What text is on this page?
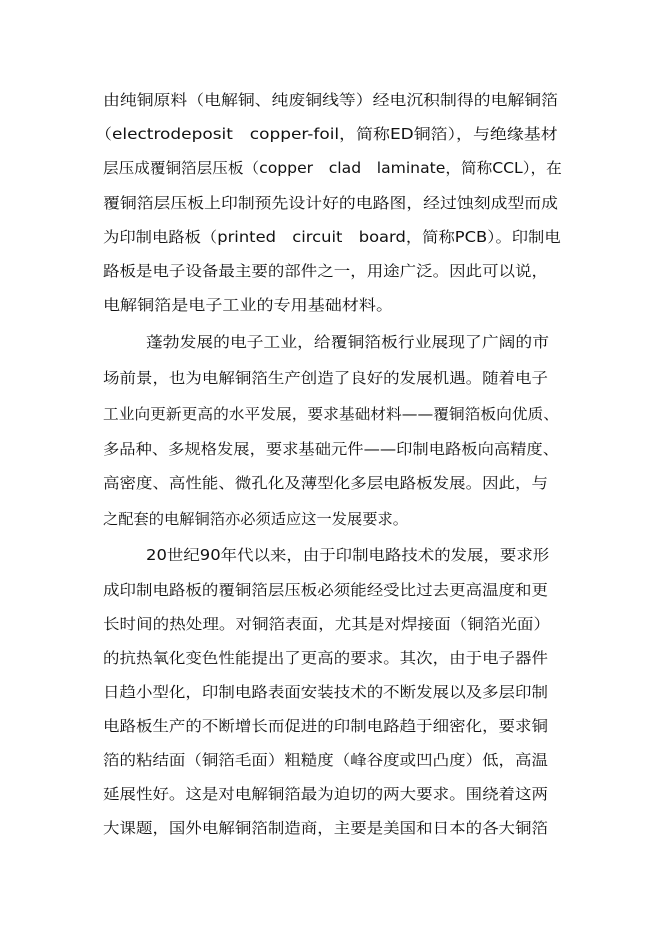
由纯铜原料（电解铜、纯废铜线等）经电沉积制得的电解铜箔
（electrodeposit　copper-foil，简称ED铜箔），与绝缘基材
层压成覆铜箔层压板（copper　clad　laminate，简称CCL），在
覆铜箔层压板上印制预先设计好的电路图，经过蚀刻成型而成
为印制电路板（printed　circuit　board，简称PCB）。印制电
路板是电子设备最主要的部件之一，用途广泛。因此可以说，
电解铜箔是电子工业的专用基础材料。
蓬勃发展的电子工业，给覆铜箔板行业展现了广阔的市
场前景，也为电解铜箔生产创造了良好的发展机遇。随着电子
工业向更新更高的水平发展，要求基础材料——覆铜箔板向优质、
多品种、多规格发展，要求基础元件——印制电路板向高精度、
高密度、高性能、微孔化及薄型化多层电路板发展。因此，与
之配套的电解铜箔亦必须适应这一发展要求。
20世纪90年代以来，由于印制电路技术的发展，要求形
成印制电路板的覆铜箔层压板必须能经受比过去更高温度和更
长时间的热处理。对铜箔表面，尤其是对焊接面（铜箔光面）
的抗热氧化变色性能提出了更高的要求。其次，由于电子器件
日趋小型化，印制电路表面安装技术的不断发展以及多层印制
电路板生产的不断增长而促进的印制电路趋于细密化，要求铜
箔的粘结面（铜箔毛面）粗糙度（峰谷度或凹凸度）低，高温
延展性好。这是对电解铜箔最为迫切的两大要求。围绕着这两
大课题，国外电解铜箔制造商，主要是美国和日本的各大铜箔
